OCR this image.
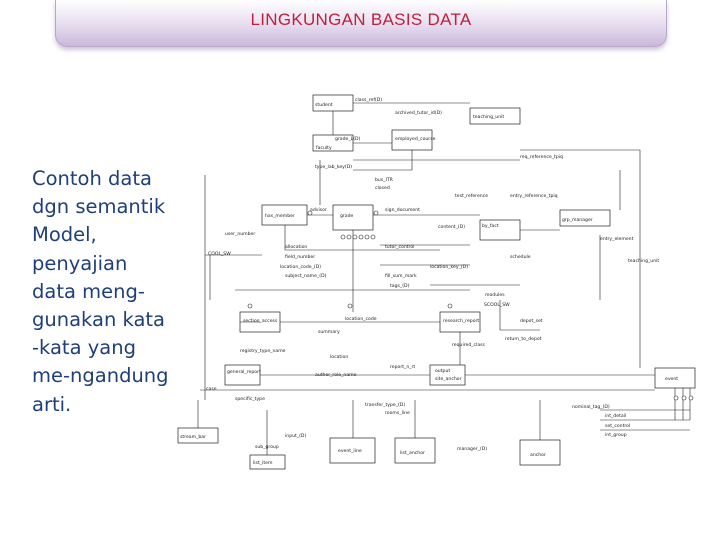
LINGKUNGAN BASIS DATA
Contoh data
dgn semantik
Model,
penyajian
data meng-
gunakan kata
-kata yang
me-ngandung
arti.
class_ref(D)
student
archived_tutor_id(D)
teaching_unit
grade_L(D)
faculty
employed_course
req_reference_tpiq
type_lab_key(D)
bus_ITR
closed
test_reference	entry_reference_tpiq
has_member
advisor
grade
sign_document
user_number
by_fact
content_(D)
entry_element
grp_manager
schedule
allocation
field_number
tutor_control
COOL_SW
teaching_unit
location_code_(D)
subject_name_(D)
location_key_(D)
fill_sum_mark
tags_(D)
modules
SCOOL_SW
section_access	location_code	research_report	depot_set
summary
return_to_depot
registry_type_name
required_class
location
general_report
report_n_rt
author_role_name
output
site_anchor	event
case
specific_type
transfer_type_(D)
rooms_line
nominal_tag_(D)
stream_bar	input_(D)
event_line	list_anchor
manager_(D)
anchor
sub_group
list_item
int_detail
set_control
int_group
